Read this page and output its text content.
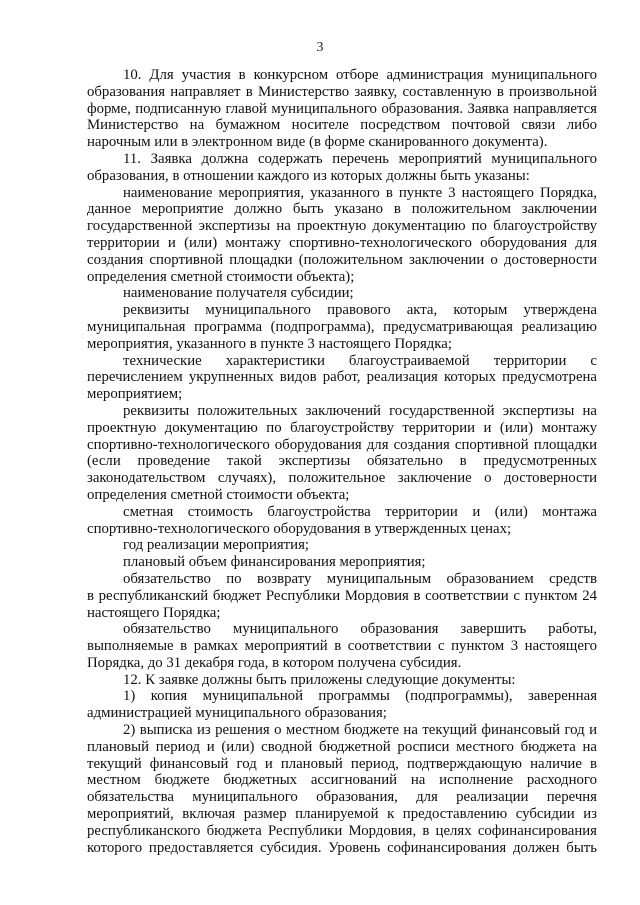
3
10. Для участия в конкурсном отборе администрация муниципального
образования направляет в Министерство заявку, составленную в произвольной
форме, подписанную главой муниципального образования. Заявка направляется
Министерство на бумажном носителе посредством почтовой связи либо
нарочным или в электронном виде (в форме сканированного документа).
11. Заявка должна содержать перечень мероприятий муниципального
образования, в отношении каждого из которых должны быть указаны:
наименование мероприятия, указанного в пункте 3 настоящего Порядка,
данное мероприятие должно быть указано в положительном заключении
государственной экспертизы на проектную документацию по благоустройству
территории и (или) монтажу спортивно-технологического оборудования для
создания спортивной площадки (положительном заключении о достоверности
определения сметной стоимости объекта);
наименование получателя субсидии;
реквизиты муниципального правового акта, которым утверждена
муниципальная программа (подпрограмма), предусматривающая реализацию
мероприятия, указанного в пункте 3 настоящего Порядка;
технические характеристики благоустраиваемой территории с
перечислением укрупненных видов работ, реализация которых предусмотрена
мероприятием;
реквизиты положительных заключений государственной экспертизы на
проектную документацию по благоустройству территории и (или) монтажу
спортивно-технологического оборудования для создания спортивной площадки
(если проведение такой экспертизы обязательно в предусмотренных
законодательством случаях), положительное заключение о достоверности
определения сметной стоимости объекта;
сметная стоимость благоустройства территории и (или) монтажа
спортивно-технологического оборудования в утвержденных ценах;
год реализации мероприятия;
плановый объем финансирования мероприятия;
обязательство по возврату муниципальным образованием средств
в республиканский бюджет Республики Мордовия в соответствии с пунктом 24
настоящего Порядка;
обязательство муниципального образования завершить работы,
выполняемые в рамках мероприятий в соответствии с пунктом 3 настоящего
Порядка, до 31 декабря года, в котором получена субсидия.
12. К заявке должны быть приложены следующие документы:
1) копия муниципальной программы (подпрограммы), заверенная
администрацией муниципального образования;
2) выписка из решения о местном бюджете на текущий финансовый год и
плановый период и (или) сводной бюджетной росписи местного бюджета на
текущий финансовый год и плановый период, подтверждающую наличие в
местном бюджете бюджетных ассигнований на исполнение расходного
обязательства муниципального образования, для реализации перечня
мероприятий, включая размер планируемой к предоставлению субсидии из
республиканского бюджета Республики Мордовия, в целях софинансирования
которого предоставляется субсидия. Уровень софинансирования должен быть
